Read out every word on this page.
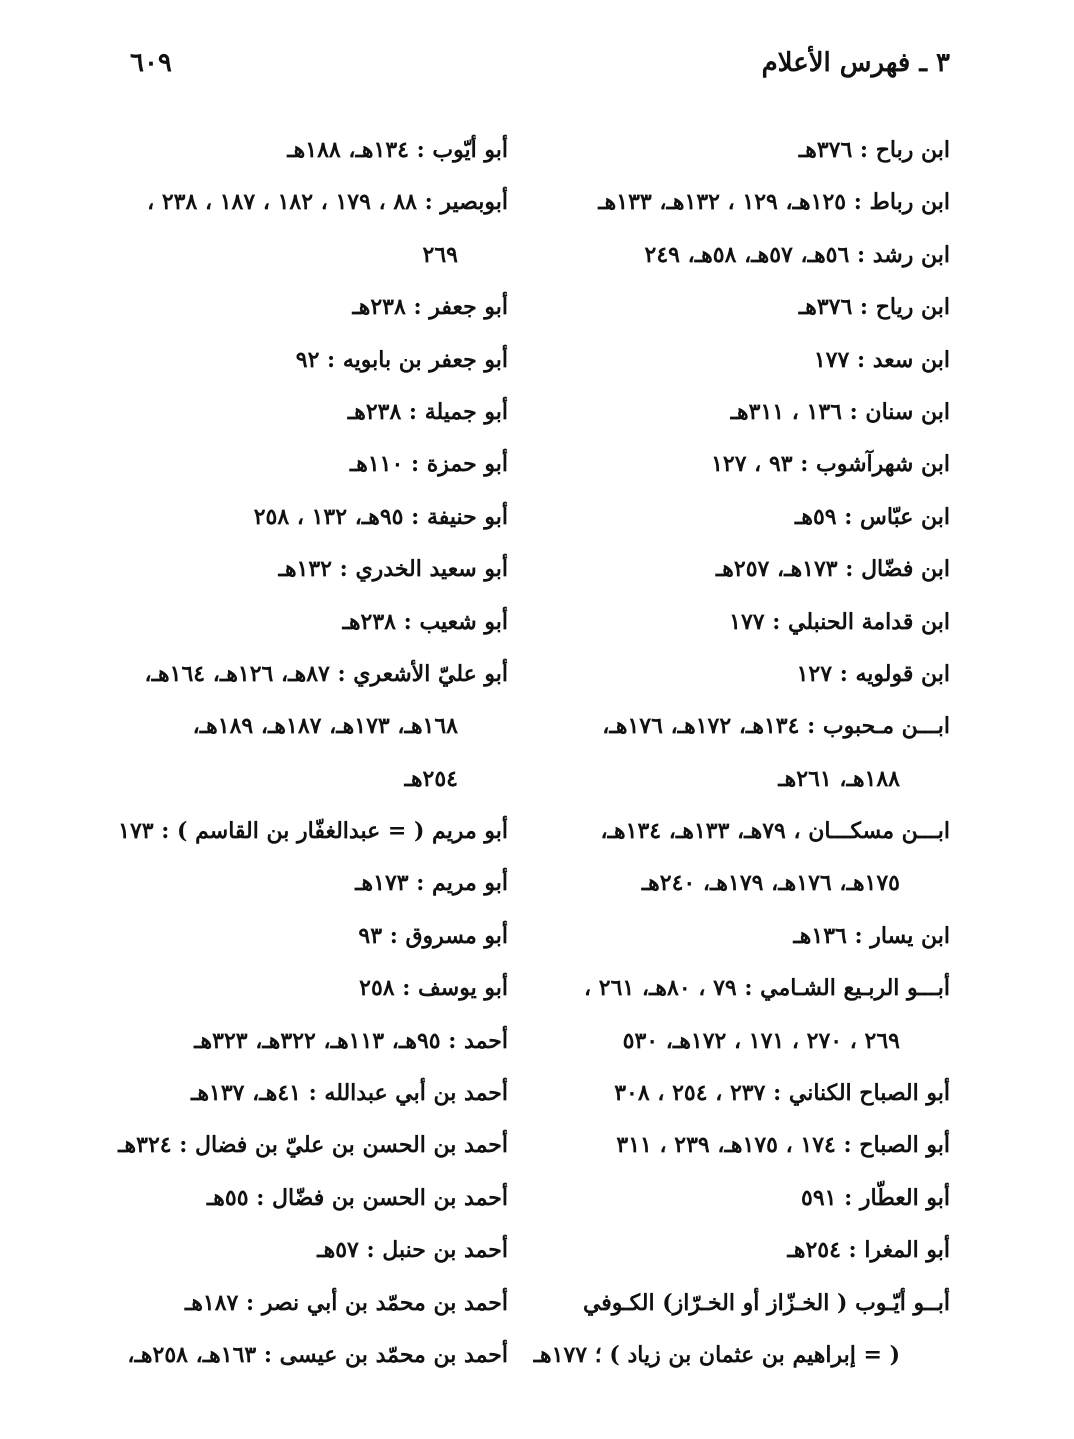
٣ ـ فهرس الأعلام
٦٠٩
ابن رباح : ٣٧٦هـ
ابن رباط : ١٢٥هـ، ١٢٩ ، ١٣٢هـ، ١٣٣هـ
ابن رشد : ٥٦هـ، ٥٧هـ، ٥٨هـ، ٢٤٩
ابن رياح : ٣٧٦هـ
ابن سعد : ١٧٧
ابن سنان : ١٣٦ ، ٣١١هـ
ابن شهرآشوب : ٩٣ ، ١٢٧
ابن عبّاس : ٥٩هـ
ابن فضّال : ١٧٣هـ، ٢٥٧هـ
ابن قدامة الحنبلي : ١٧٧
ابن قولويه : ١٢٧
ابـــن مـحبوب : ١٣٤هـ، ١٧٢هـ، ١٧٦هـ،
١٨٨هـ، ٢٦١هـ
ابـــن مسكـــان ، ٧٩هـ، ١٣٣هـ، ١٣٤هـ،
١٧٥هـ، ١٧٦هـ، ١٧٩هـ، ٢٤٠هـ
ابن يسار : ١٣٦هـ
أبـــو الربـيع الشـامي : ٧٩ ، ٨٠هـ، ٢٦١ ،
٢٦٩ ، ٢٧٠ ، ١٧١ ، ١٧٢هـ، ٥٣٠
أبو الصباح الكناني : ٢٣٧ ، ٢٥٤ ، ٣٠٨
أبو الصباح : ١٧٤ ، ١٧٥هـ، ٢٣٩ ، ٣١١
أبو العطّار : ٥٩١
أبو المغرا : ٢٥٤هـ
أبــو أيّـوب ( الخـزّاز أو الخـرّاز) الكـوفي
( = إبراهيم بن عثمان بن زياد ) ؛ ١٧٧هـ
أبو أيّوب : ١٣٤هـ، ١٨٨هـ
أبوبصير : ٨٨ ، ١٧٩ ، ١٨٢ ، ١٨٧ ، ٢٣٨ ،
٢٦٩
أبو جعفر : ٢٣٨هـ
أبو جعفر بن بابويه : ٩٢
أبو جميلة : ٢٣٨هـ
أبو حمزة : ١١٠هـ
أبو حنيفة : ٩٥هـ، ١٣٢ ، ٢٥٨
أبو سعيد الخدري : ١٣٢هـ
أبو شعيب : ٢٣٨هـ
أبو عليّ الأشعري : ٨٧هـ، ١٢٦هـ، ١٦٤هـ،
١٦٨هـ، ١٧٣هـ، ١٨٧هـ، ١٨٩هـ،
٢٥٤هـ
أبو مريم ( = عبدالغفّار بن القاسم ) : ١٧٣
أبو مريم : ١٧٣هـ
أبو مسروق : ٩٣
أبو يوسف : ٢٥٨
أحمد : ٩٥هـ، ١١٣هـ، ٣٢٢هـ، ٣٢٣هـ
أحمد بن أبي عبدالله : ٤١هـ، ١٣٧هـ
أحمد بن الحسن بن عليّ بن فضال : ٣٢٤هـ
أحمد بن الحسن بن فضّال : ٥٥هـ
أحمد بن حنبل : ٥٧هـ
أحمد بن محمّد بن أبي نصر : ١٨٧هـ
أحمد بن محمّد بن عيسى : ١٦٣هـ، ٢٥٨هـ،
